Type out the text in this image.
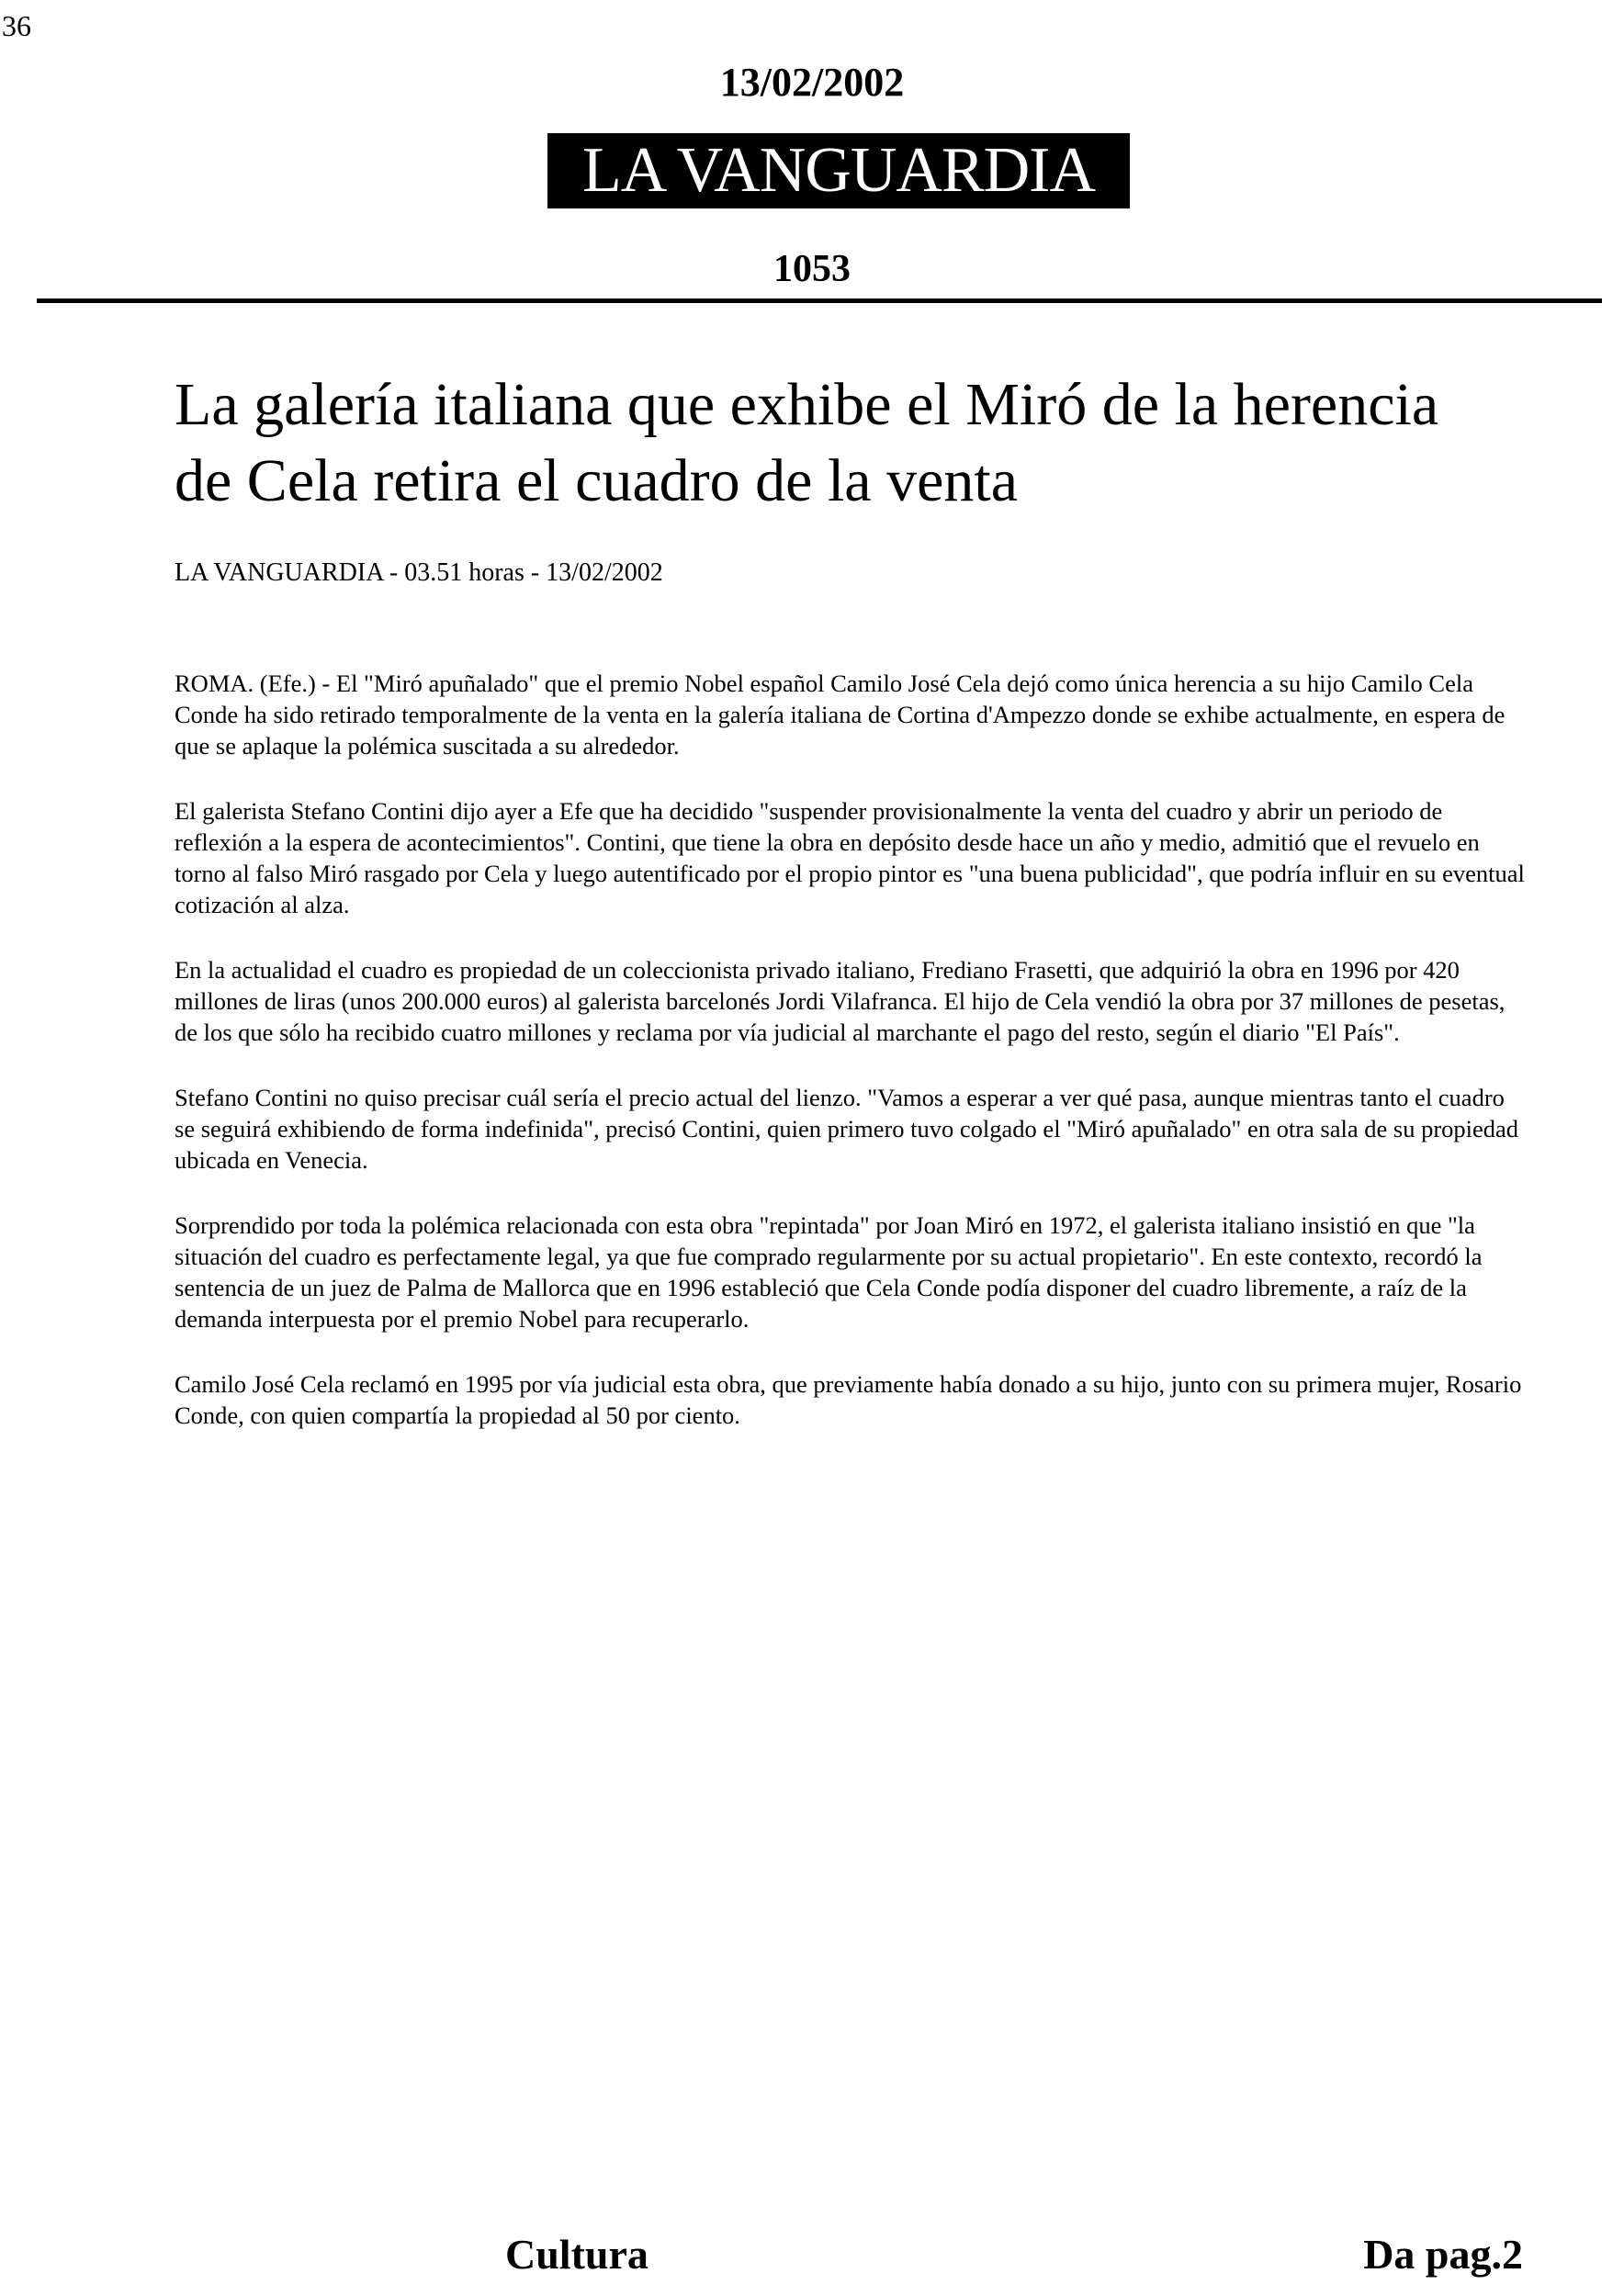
36
13/02/2002
LA VANGUARDIA
1053
La galería italiana que exhibe el Miró de la herencia
de Cela retira el cuadro de la venta
LA VANGUARDIA - 03.51 horas - 13/02/2002

ROMA. (Efe.) - El "Miró apuñalado" que el premio Nobel español Camilo José Cela dejó como única herencia a su hijo Camilo Cela Conde ha sido retirado temporalmente de la venta en la galería italiana de Cortina d'Ampezzo donde se exhibe actualmente, en espera de que se aplaque la polémica suscitada a su alrededor.

El galerista Stefano Contini dijo ayer a Efe que ha decidido "suspender provisionalmente la venta del cuadro y abrir un periodo de reflexión a la espera de acontecimientos". Contini, que tiene la obra en depósito desde hace un año y medio, admitió que el revuelo en torno al falso Miró rasgado por Cela y luego autentificado por el propio pintor es "una buena publicidad", que podría influir en su eventual cotización al alza.

En la actualidad el cuadro es propiedad de un coleccionista privado italiano, Frediano Frasetti, que adquirió la obra en 1996 por 420 millones de liras (unos 200.000 euros) al galerista barcelonés Jordi Vilafranca. El hijo de Cela vendió la obra por 37 millones de pesetas, de los que sólo ha recibido cuatro millones y reclama por vía judicial al marchante el pago del resto, según el diario "El País".

Stefano Contini no quiso precisar cuál sería el precio actual del lienzo. "Vamos a esperar a ver qué pasa, aunque mientras tanto el cuadro se seguirá exhibiendo de forma indefinida", precisó Contini, quien primero tuvo colgado el "Miró apuñalado" en otra sala de su propiedad ubicada en Venecia.

Sorprendido por toda la polémica relacionada con esta obra "repintada" por Joan Miró en 1972, el galerista italiano insistió en que "la situación del cuadro es perfectamente legal, ya que fue comprado regularmente por su actual propietario". En este contexto, recordó la sentencia de un juez de Palma de Mallorca que en 1996 estableció que Cela Conde podía disponer del cuadro libremente, a raíz de la demanda interpuesta por el premio Nobel para recuperarlo.

Camilo José Cela reclamó en 1995 por vía judicial esta obra, que previamente había donado a su hijo, junto con su primera mujer, Rosario Conde, con quien compartía la propiedad al 50 por ciento.

Cultura	Da pag.2
